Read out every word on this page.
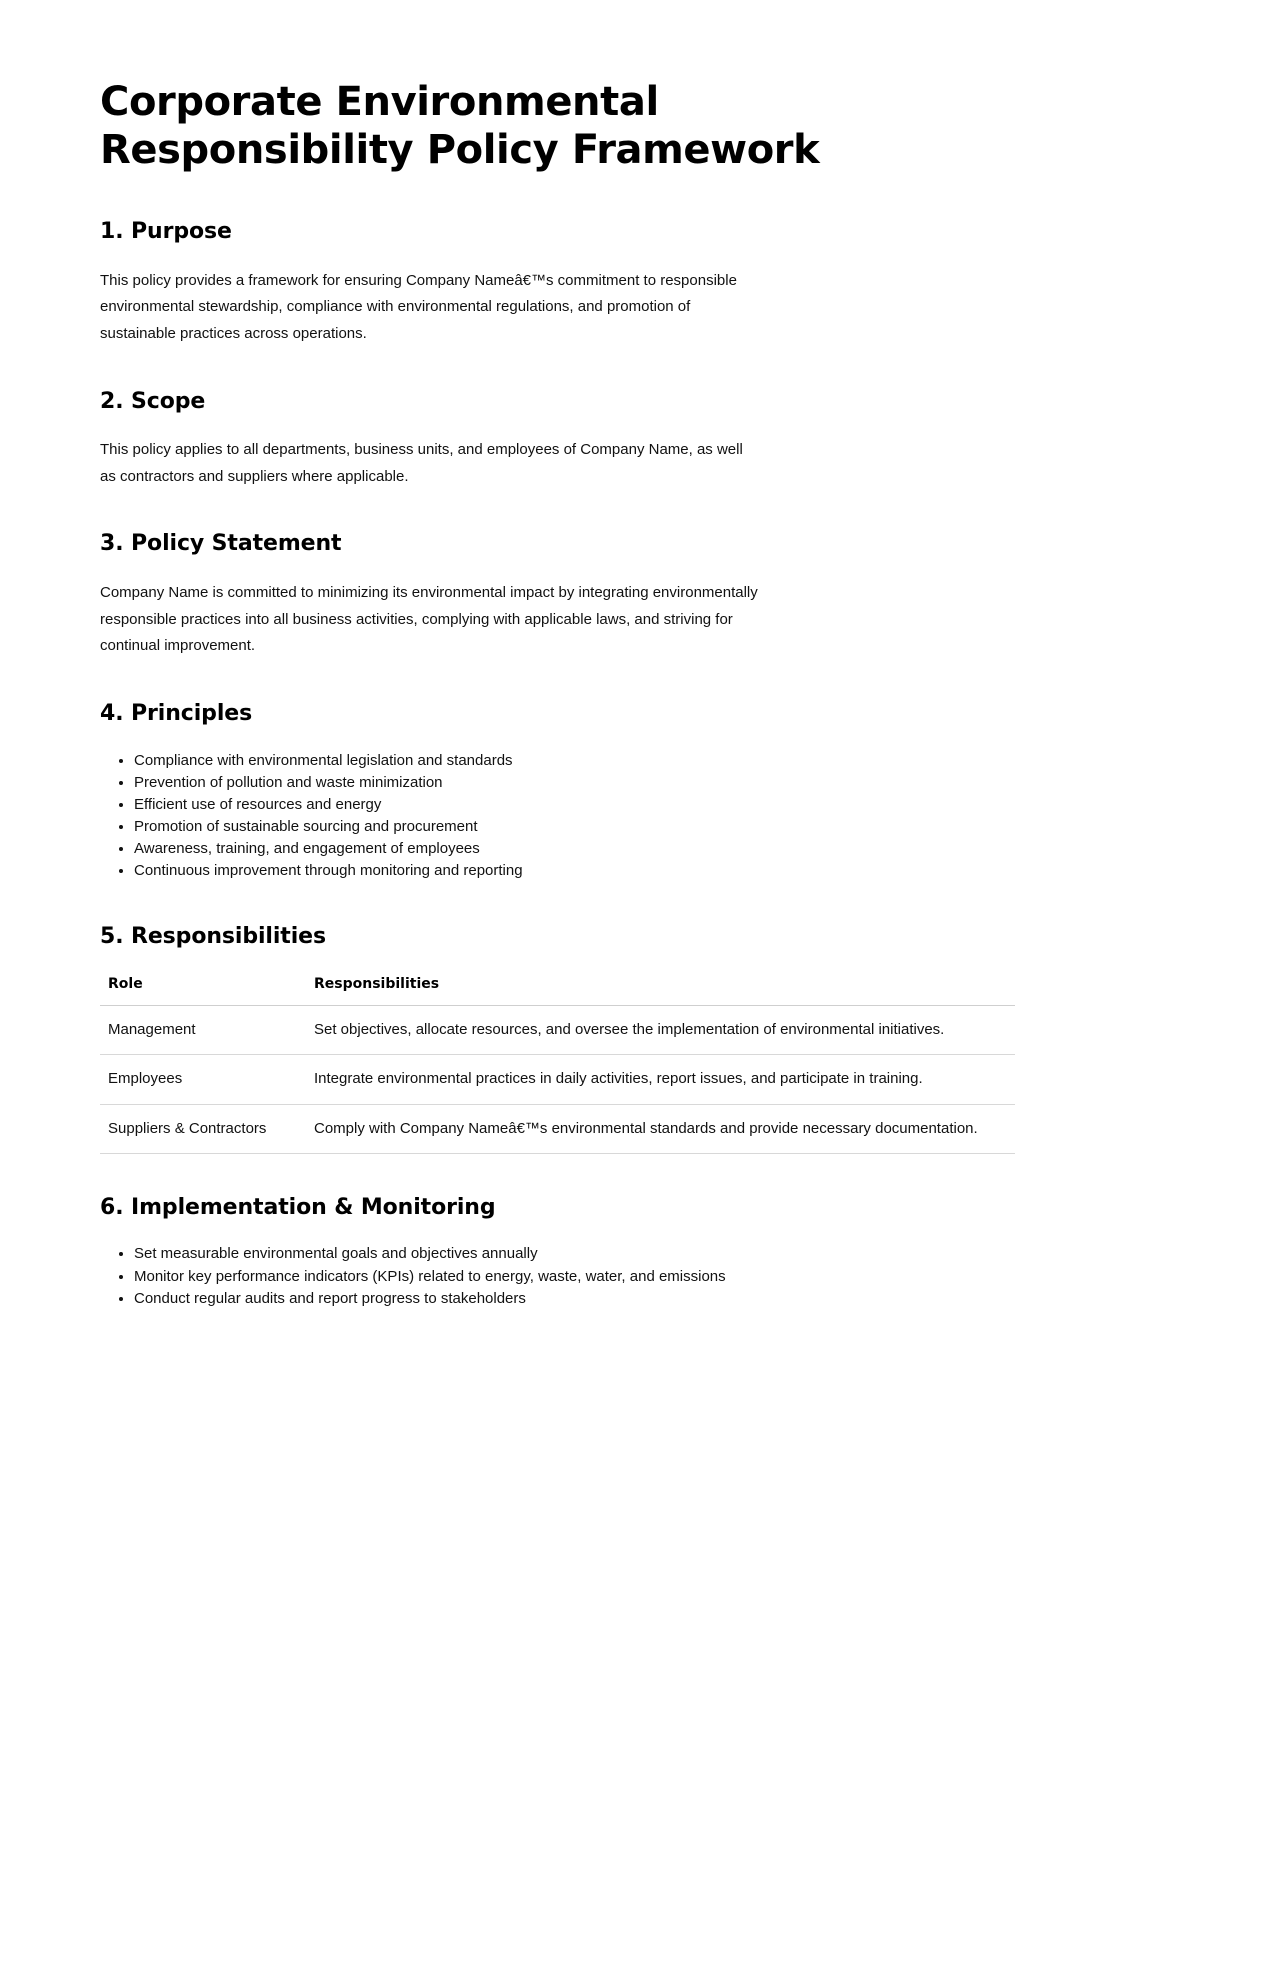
Corporate Environmental Responsibility Policy Framework
1. Purpose

This policy provides a framework for ensuring Company Nameâ€™s commitment to responsible environmental stewardship, compliance with environmental regulations, and promotion of sustainable practices across operations.

2. Scope

This policy applies to all departments, business units, and employees of Company Name, as well as contractors and suppliers where applicable.

3. Policy Statement

Company Name is committed to minimizing its environmental impact by integrating environmentally responsible practices into all business activities, complying with applicable laws, and striving for continual improvement.

4. Principles
• Compliance with environmental legislation and standards
• Prevention of pollution and waste minimization
• Efficient use of resources and energy
• Promotion of sustainable sourcing and procurement
• Awareness, training, and engagement of employees
• Continuous improvement through monitoring and reporting
5. Responsibilities
Role	Responsibilities
Management	Set objectives, allocate resources, and oversee the implementation of environmental initiatives.
Employees	Integrate environmental practices in daily activities, report issues, and participate in training.
Suppliers & Contractors	Comply with Company Nameâ€™s environmental standards and provide necessary documentation.
6. Implementation & Monitoring
• Set measurable environmental goals and objectives annually
• Monitor key performance indicators (KPIs) related to energy, waste, water, and emissions
• Conduct regular audits and report progress to stakeholders
